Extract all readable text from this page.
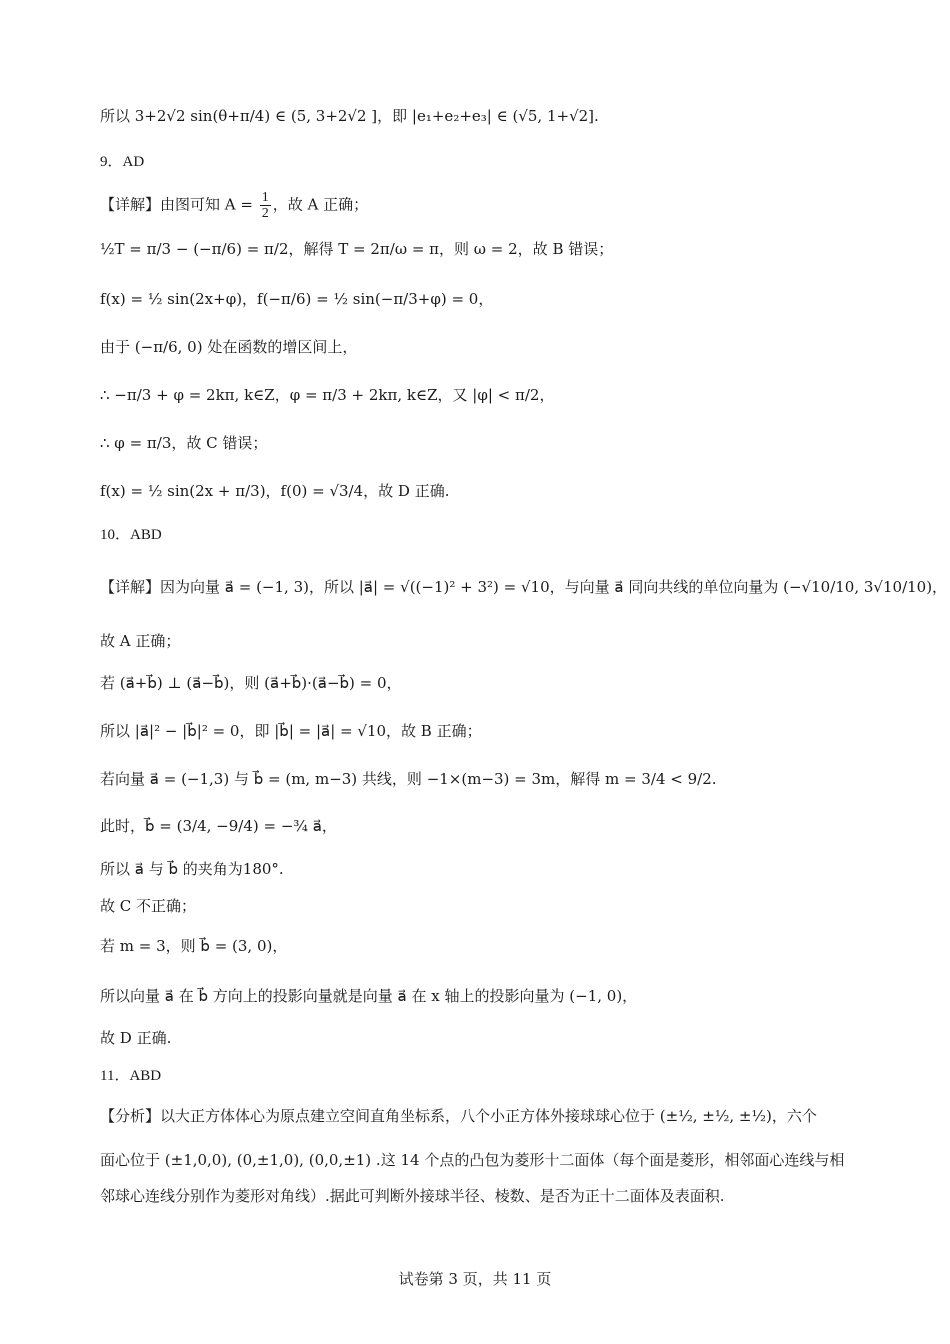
所以 3+2√2 sin(θ+π/4) ∈ (5, 3+2√2 ]，即 |e₁+e₂+e₃| ∈ (√5, 1+√2].
9．AD
【详解】由图可知 $A = \frac{1}{2}$ ，故 A 正确；
½T = π/3 − (−π/6) = π/2，解得 T = 2π/ω = π，则 ω = 2，故 B 错误；
f(x) = ½ sin(2x+φ)，f(−π/6) = ½ sin(−π/3+φ) = 0，
由于 (−π/6, 0) 处在函数的增区间上，
∴ −π/3 + φ = 2kπ, k∈Z，φ = π/3 + 2kπ, k∈Z，又 |φ| < π/2，
∴ φ = π/3，故 C 错误；
f(x) = ½ sin(2x + π/3)，f(0) = √3/4，故 D 正确.
10．ABD
【详解】因为向量 a⃗ = (−1, 3)，所以 |a⃗| = √((−1)² + 3²) = √10，与向量 a⃗ 同向共线的单位向量为 (−√10/10, 3√10/10)，
故 A 正确；
若 (a⃗+b⃗) ⊥ (a⃗−b⃗)，则 (a⃗+b⃗)·(a⃗−b⃗) = 0，
所以 |a⃗|² − |b⃗|² = 0，即 |b⃗| = |a⃗| = √10，故 B 正确；
若向量 a⃗ = (−1,3) 与 b⃗ = (m, m−3) 共线，则 −1×(m−3) = 3m，解得 m = 3/4 < 9/2.
此时，b⃗ = (3/4, −9/4) = −¾ a⃗，
所以 a⃗ 与 b⃗ 的夹角为180°.
故 C 不正确；
若 m = 3，则 b⃗ = (3, 0)，
所以向量 a⃗ 在 b⃗ 方向上的投影向量就是向量 a⃗ 在 x 轴上的投影向量为 (−1, 0)，
故 D 正确.
11．ABD
【分析】以大正方体体心为原点建立空间直角坐标系，八个小正方体外接球球心位于 (±½, ±½, ±½)，六个
面心位于 (±1,0,0), (0,±1,0), (0,0,±1) .这 14 个点的凸包为菱形十二面体（每个面是菱形，相邻面心连线与相
邻球心连线分别作为菱形对角线）.据此可判断外接球半径、棱数、是否为正十二面体及表面积.
试卷第 3 页，共 11 页
